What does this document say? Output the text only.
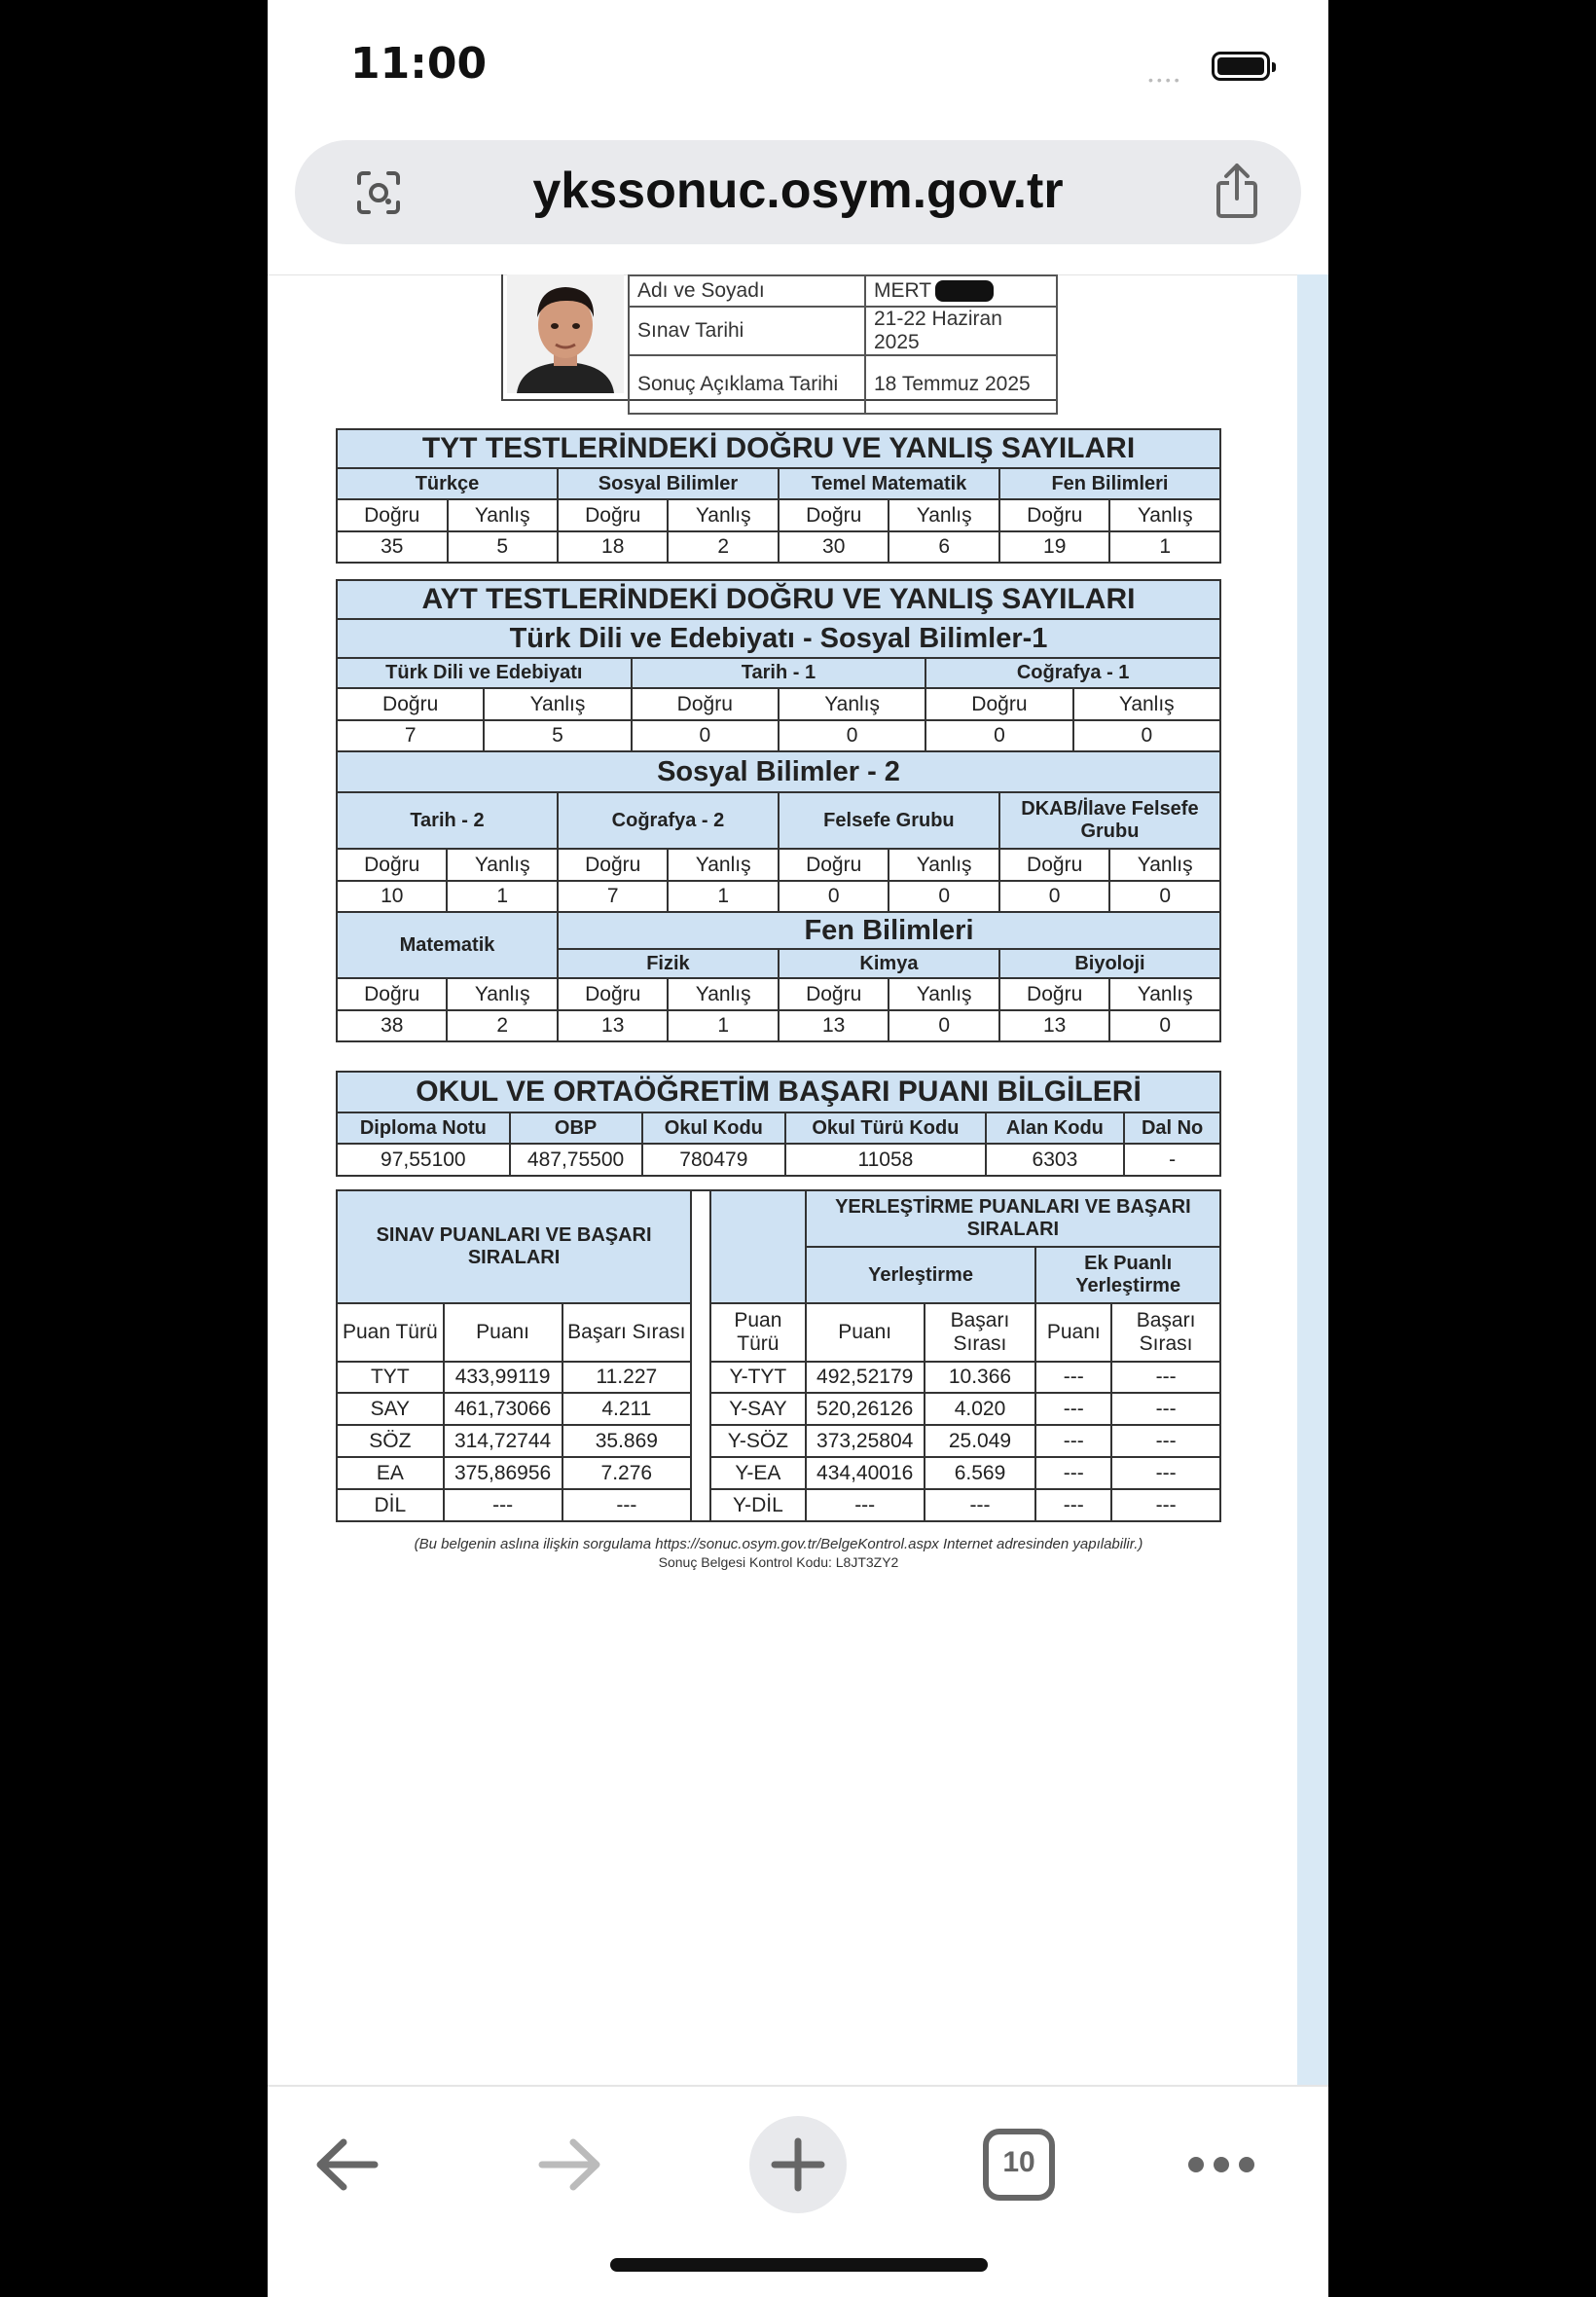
11:00	••••
ykssonuc.osym.gov.tr
Adı ve Soyadı	MERT
Sınav Tarihi	21-22 Haziran 2025
Sonuç Açıklama Tarihi	18 Temmuz 2025
TYT TESTLERİNDEKİ DOĞRU VE YANLIŞ SAYILARI							
Türkçe		Sosyal Bilimler		Temel Matematik		Fen Bilimleri	
Doğru	Yanlış	Doğru	Yanlış	Doğru	Yanlış	Doğru	Yanlış
35	5	18	2	30	6	19	1
AYT TESTLERİNDEKİ DOĞRU VE YANLIŞ SAYILARI											
Türk Dili ve Edebiyatı - Sosyal Bilimler-1											
Türk Dili ve Edebiyatı				Tarih - 1				Coğrafya - 1			
Doğru		Yanlış		Doğru		Yanlış		Doğru		Yanlış	
7		5		0		0		0		0	
Sosyal Bilimler - 2											
Tarih - 2			Coğrafya - 2			Felsefe Grubu			DKAB/İlave Felsefe Grubu		
Doğru	Yanlış		Doğru		Yanlış	Doğru	Yanlış		Doğru		Yanlış
10	1		7		1	0	0		0		0
Matematik			Fen Bilimleri								
			Fizik			Kimya			Biyoloji		
Doğru	Yanlış		Doğru		Yanlış	Doğru	Yanlış		Doğru		Yanlış
38	2		13		1	13	0		13		0
OKUL VE ORTAÖĞRETİM BAŞARI PUANI BİLGİLERİ					
Diploma Notu	OBP	Okul Kodu	Okul Türü Kodu	Alan Kodu	Dal No
97,55100	487,75500	780479	11058	6303	-
SINAV PUANLARI VE BAŞARI SIRALARI					YERLEŞTİRME PUANLARI VE BAŞARI SIRALARI			
					Yerleştirme		Ek Puanlı Yerleştirme	
Puan Türü	Puanı	Başarı Sırası		Puan Türü	Puanı	Başarı Sırası	Puanı	Başarı Sırası
TYT	433,99119	11.227		Y-TYT	492,52179	10.366	---	---
SAY	461,73066	4.211		Y-SAY	520,26126	4.020	---	---
SÖZ	314,72744	35.869		Y-SÖZ	373,25804	25.049	---	---
EA	375,86956	7.276		Y-EA	434,40016	6.569	---	---
DİL	---	---		Y-DİL	---	---	---	---
(Bu belgenin aslına ilişkin sorgulama https://sonuc.osym.gov.tr/BelgeKontrol.aspx Internet adresinden yapılabilir.)
Sonuç Belgesi Kontrol Kodu: L8JT3ZY2
10
